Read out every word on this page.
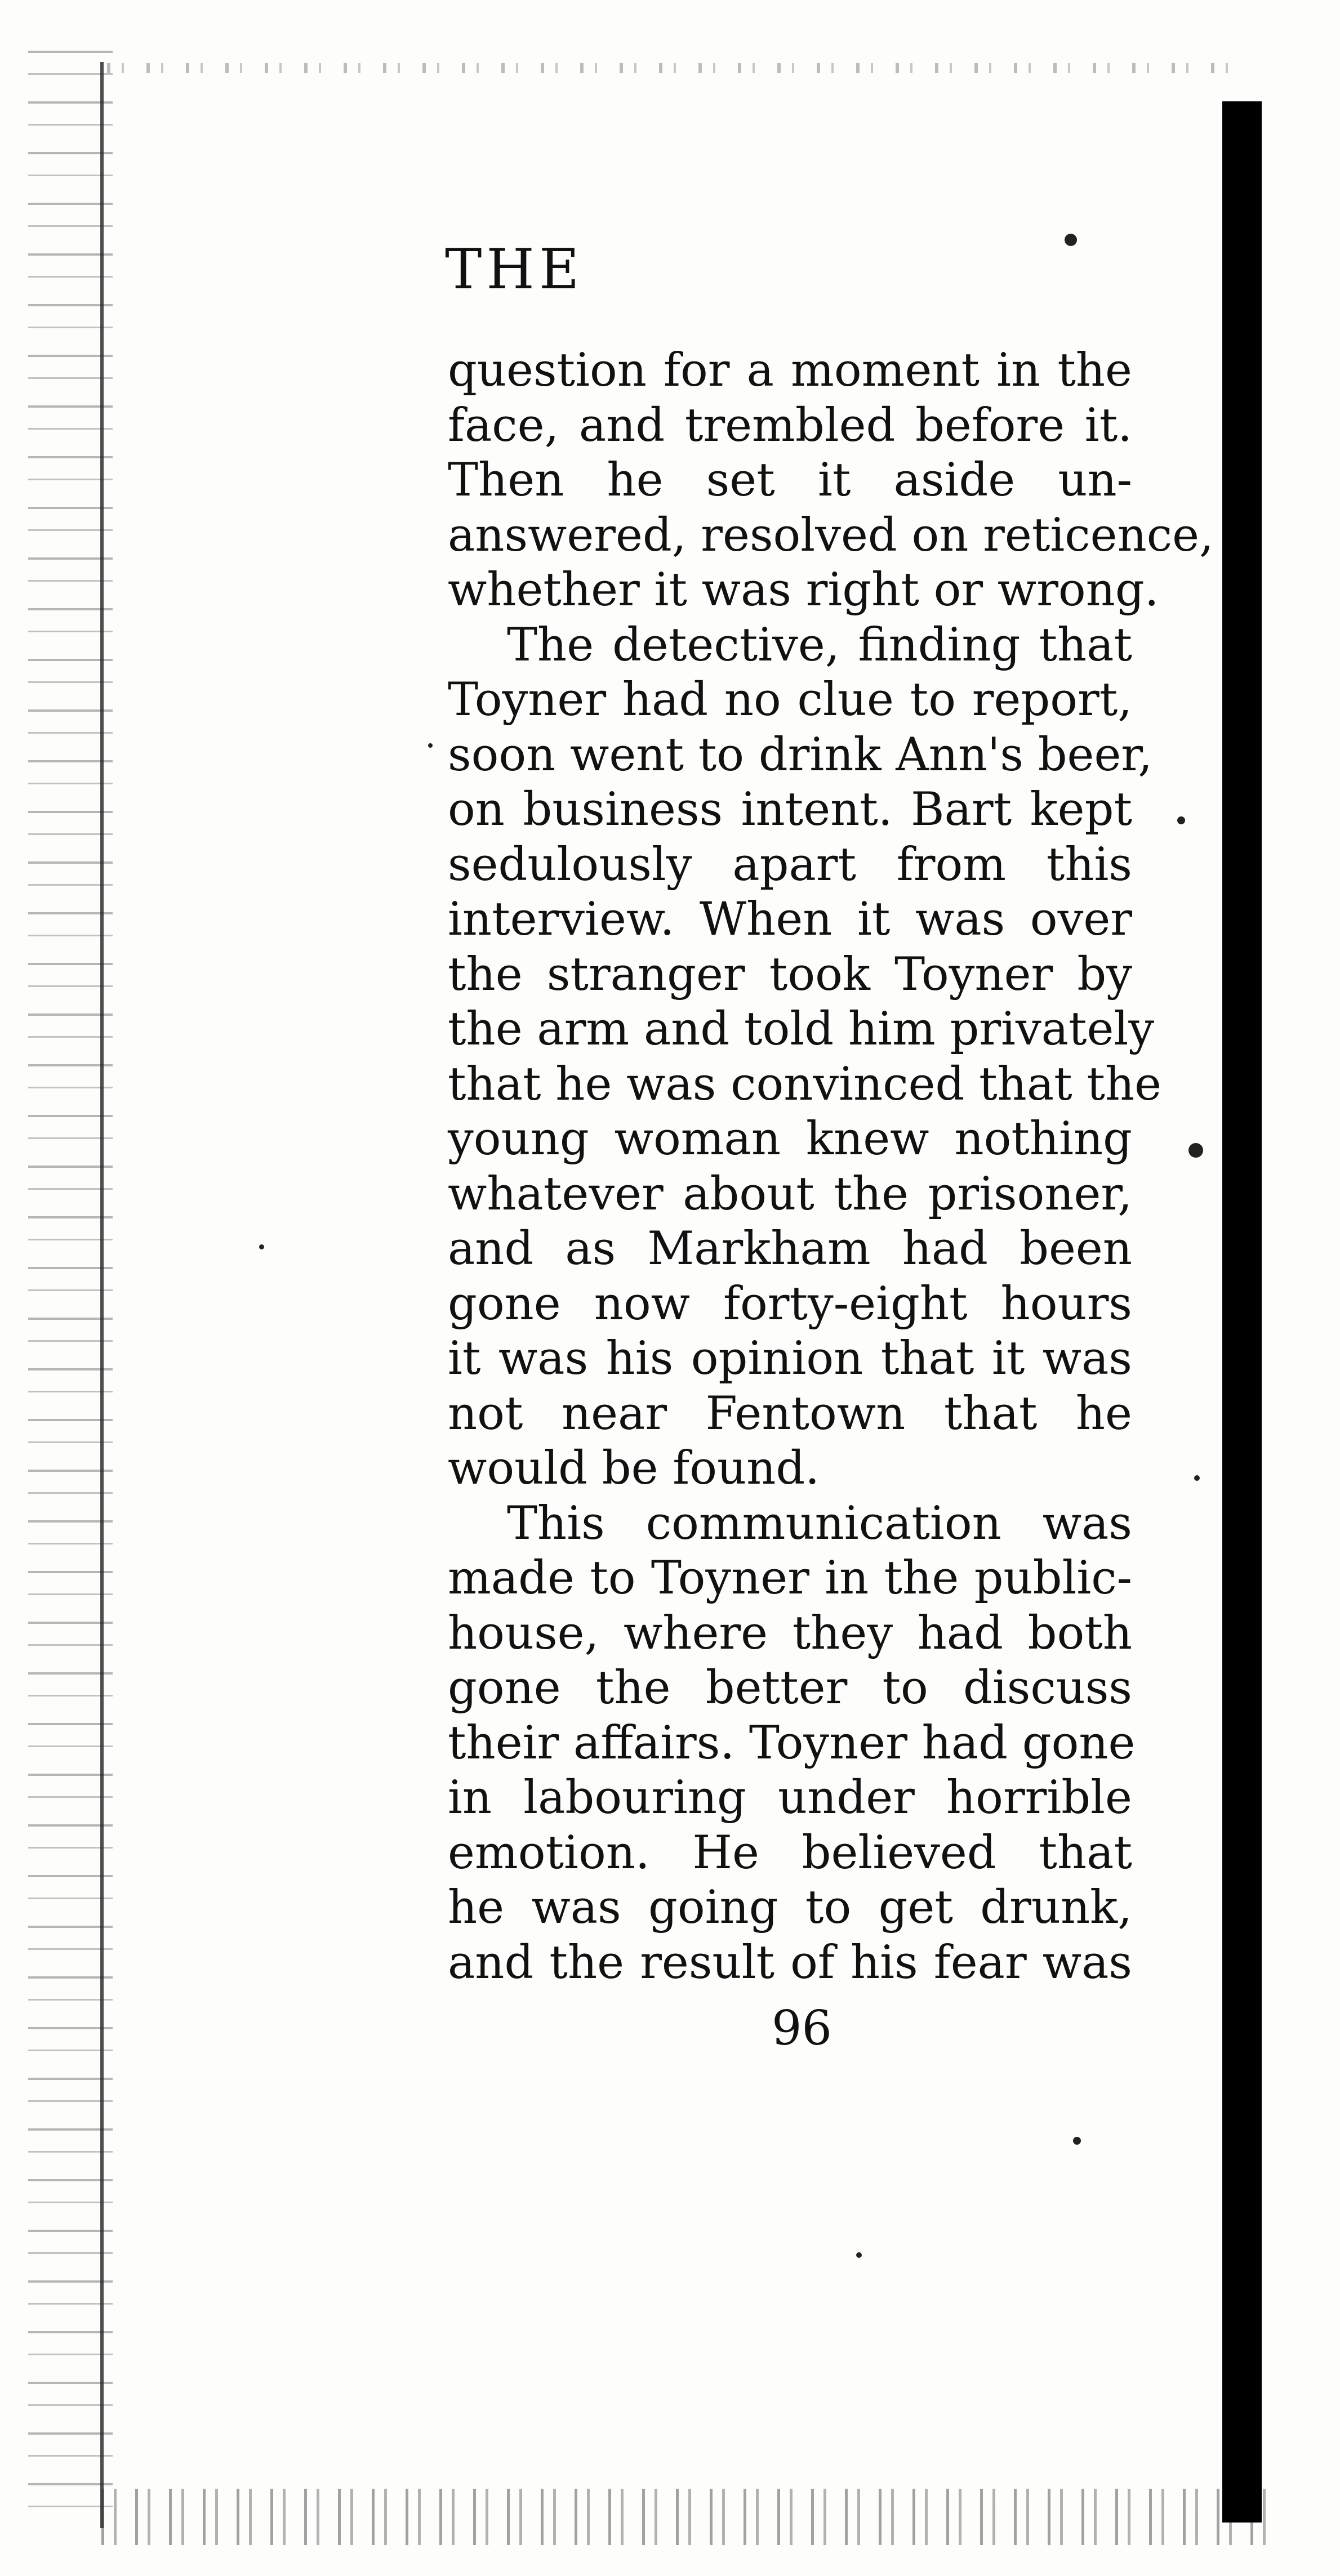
THE
question for a moment in the
face, and trembled before it.
Then he set it aside un-
answered, resolved on reticence,
whether it was right or wrong.
The detective, finding that
Toyner had no clue to report,
soon went to drink Ann's beer,
on business intent. Bart kept
sedulously apart from this
interview. When it was over
the stranger took Toyner by
the arm and told him privately
that he was convinced that the
young woman knew nothing
whatever about the prisoner,
and as Markham had been
gone now forty-eight hours
it was his opinion that it was
not near Fentown that he
would be found.
This communication was
made to Toyner in the public-
house, where they had both
gone the better to discuss
their affairs. Toyner had gone
in labouring under horrible
emotion. He believed that
he was going to get drunk,
and the result of his fear was

96
